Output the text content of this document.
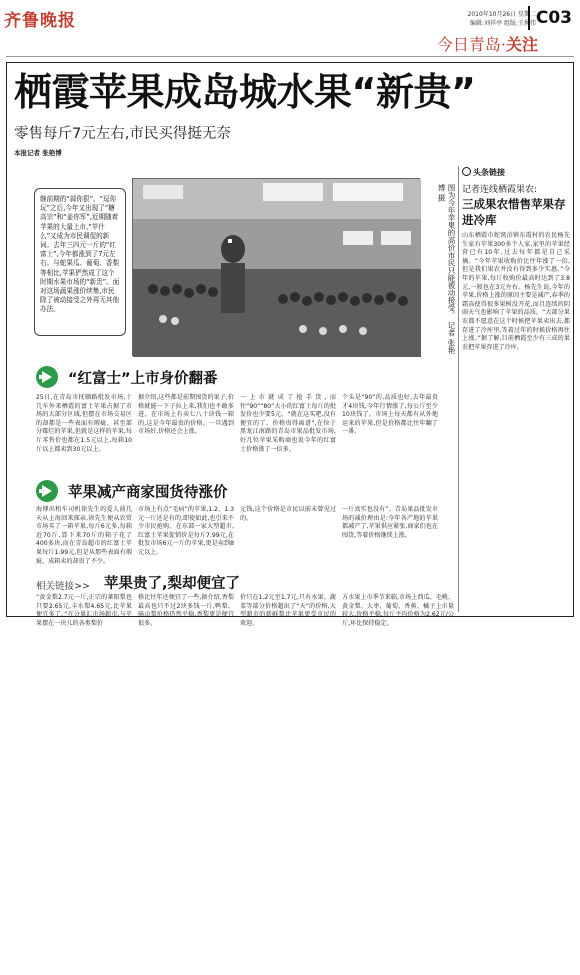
齐鲁晚报	2010年10月26日 星期二
编辑:刘祥亭 组版:王焕伟 C03
今日青岛·关注
栖霞苹果成岛城水果“新贵”
零售每斤7元左右,市民买得挺无奈
本报记者 张艳博
继前期的“蒜你狠”、“逗你玩”之后,今年又出现了“糖高宗”和“姜你军”,近期随着苹果的大量上市,“苹什么”又成为市民调侃的新词。去年三四元一斤的“红富士”,今年都涨到了7元左右。与蛇果瓜、葡萄、香梨等相比,苹果俨然成了这个时期水果市场的“新贵”。面对这场蔬果涨价续集,市民除了被动接受之外再无其他办法。	图为今年苹果的高价市民只能被动接受。 记者 张艳博 摄
“红富士”上市身价翻番
25日,在青岛市抚顺路批发市场,十几车外来栖霞的富士苹果占据了市场的大部分区域,但摆在市场交易区的却都是一些表面有瑕疵、甚至部分霉烂的苹果,但就是这样的苹果,每斤零售价也都在1.5元以上,每箱10斤以上都卖到30元以上。
据介绍,这些都是前期囤货的果子,价格就能一下子拉上来,我们也不敢多进。在市场上有卖七八十块钱一箱的,这是今年最贵的价格。一旦遇到市场好,价格还会上涨。
一上市就成了抢手货,而往“90”“80”大小的红富士每斤的批发价也少要5元。“就在这买吧,没有便宜的了。价格贵得离谱”,在位于黑龙江南路的青岛市果品批发市场,好几位苹果采购商也说今年的红富士价格涨了一倍多。
个头是“90”的,品质也好,去年最贵才4块钱,今年行情涨了,每公斤至少10块钱了。市场上每天都有从外地运来的苹果,但是价格都比往年翻了一番。
苹果减产商家囤货待涨价
海博出租车司机徐先生的爱人前几天从上海回来探亲,徐先生便从农贸市场买了一箱苹果,每斤6元多,每箱近70斤,算下来70斤的箱子花了400多块,而在青岛超市的红富士苹果每斤1.99元,但是从那些表面有瑕疵、成箱卖的却贵了不少。
市场上有点“毛病”的苹果,1.2、1.3元一斤还是有的,即使如此,也引来不少市民抢购。在东部一家大型超市,红富士苹果促销价是每斤7.99元,在批发市场6元一斤的苹果,更是卖到8元以上。
元钱,这个价格是市民以前未曾见过的。
一斤真实也没有”。青岛果品批发市场的减价理由是:今年各产地的苹果都减产了,苹果供应紧张,商家们也在囤货,等着价格继续上涨。
相关链接>> 苹果贵了,梨却便宜了
“黄金梨2.7元一斤,正宗的莱阳梨也只要2.65元,丰水梨4.65元,比苹果便宜多了。”在分果汇市场超市,与苹果摆在一块儿的各类梨价
格比往年还便宜了一些,据介绍,香梨最高也只不过2块多钱一斤,鸭梨、砀山梨价格仍然平稳,香梨更是便宜很多。
价只在1.2元至1.7元,只有水果、蔬菜等部分价格超出了“天”的价格,大型超市的新鲜梨比苹果更受市民的欢迎。
方水果上市季节来临,市场上西瓜、毛桃、黄金梨、大枣、葡萄、香蕉、橘子上市量较大,价格平稳,每斤平均价格为2.62元/公斤,环比保持稳定。
头条链接
记者连线栖霞果农:
三成果农惜售苹果存进冷库
山东栖霞市蛇窝泊镇东霞村的农民杨先生家有苹果300多个人家,家里的苹果经营已有10年,过去每年都是自己采摘。“今年苹果收购价比往年涨了一倍,但是我们果农并没有得到多少实惠。”今年的苹果,每斤收购价最高时达到了3.8元,一般也在3元左右。杨先生说,今年的苹果,价格上涨的原因主要是减产,春季的霜冻使得很多果树没开花,而且连续的阴雨天气也影响了苹果的品质。“大部分果农都不愿意在这个时候把苹果卖出去,都存进了冷库里,等着过年的时候价格再往上涨。”据了解,目前栖霞至少有三成的果农把苹果存进了冷库。
